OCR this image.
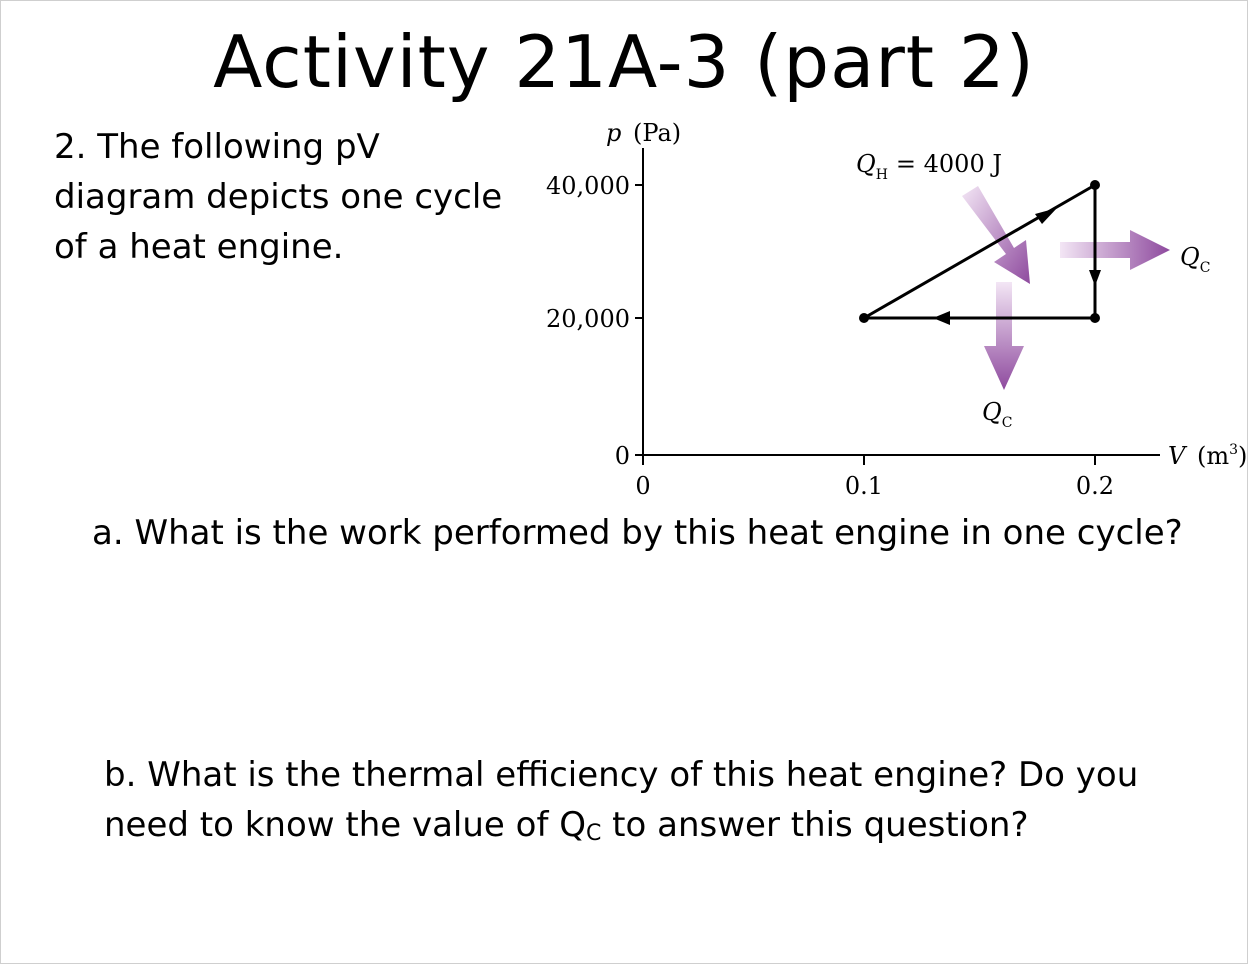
Activity 21A-3 (part 2)
2. The following pV diagram depicts one cycle of a heat engine.
p (Pa)
V $(m^3)$
40,000
20,000
0
0	0.1	0.2
$Q_H = 4000$ J
$Q_C$
$Q_C$
a. What is the work performed by this heat engine in one cycle?
b. What is the thermal efficiency of this heat engine? Do you need to know the value of QC to answer this question?
